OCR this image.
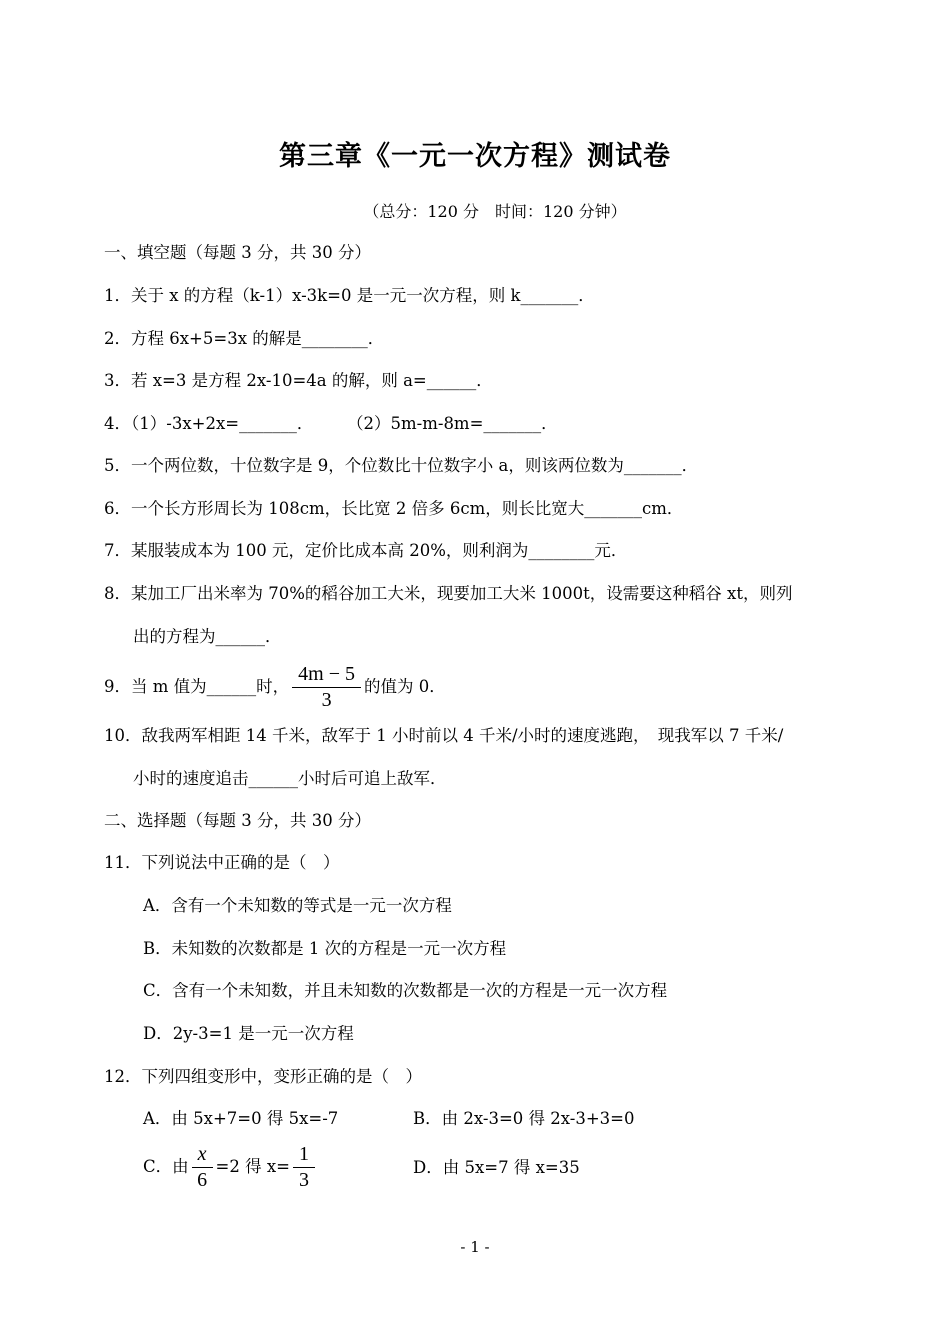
第三章《一元一次方程》测试卷
（总分：120 分　时间：120 分钟）
一、填空题（每题 3 分，共 30 分）
1．关于 x 的方程（k-1）x-3k=0 是一元一次方程，则 k_______．
2．方程 6x+5=3x 的解是________．
3．若 x=3 是方程 2x-10=4a 的解，则 a=______．
4．（1）-3x+2x=_______． （2）5m-m-8m=_______．
5．一个两位数，十位数字是 9，个位数比十位数字小 a，则该两位数为_______．
6．一个长方形周长为 108cm，长比宽 2 倍多 6cm，则长比宽大_______cm．
7．某服装成本为 100 元，定价比成本高 20%，则利润为________元．
8．某加工厂出米率为 70%的稻谷加工大米，现要加工大米 1000t，设需要这种稻谷 xt，则列
出的方程为______．
9．当 m 值为______时， $\frac{4m - 5}{3}$ 的值为 0．
10．敌我两军相距 14 千米，敌军于 1 小时前以 4 千米/小时的速度逃跑，　现我军以 7 千米/
小时的速度追击______小时后可追上敌军．
二、选择题（每题 3 分，共 30 分）
11．下列说法中正确的是（　）
A．含有一个未知数的等式是一元一次方程
B．未知数的次数都是 1 次的方程是一元一次方程
C．含有一个未知数，并且未知数的次数都是一次的方程是一元一次方程
D．2y-3=1 是一元一次方程
12．下列四组变形中，变形正确的是（　）
A．由 5x+7=0 得 5x=-7	B．由 2x-3=0 得 2x-3+3=0
C．由 $\frac{x}{6} =2$ 得 $x= \frac{1}{3}$	D．由 5x=7 得 x=35
- 1 -
